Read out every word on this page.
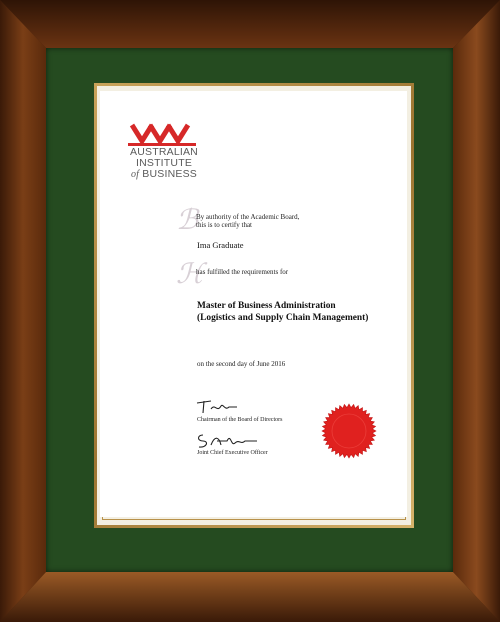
AUSTRALIAN
INSTITUTE
of BUSINESS
ℬ
By authority of the Academic Board,
this is to certify that
Ima Graduate
ℋ
has fulfilled the requirements for
Master of Business Administration
(Logistics and Supply Chain Management)
on the second day of June 2016
Chairman of the Board of Directors
Joint Chief Executive Officer
